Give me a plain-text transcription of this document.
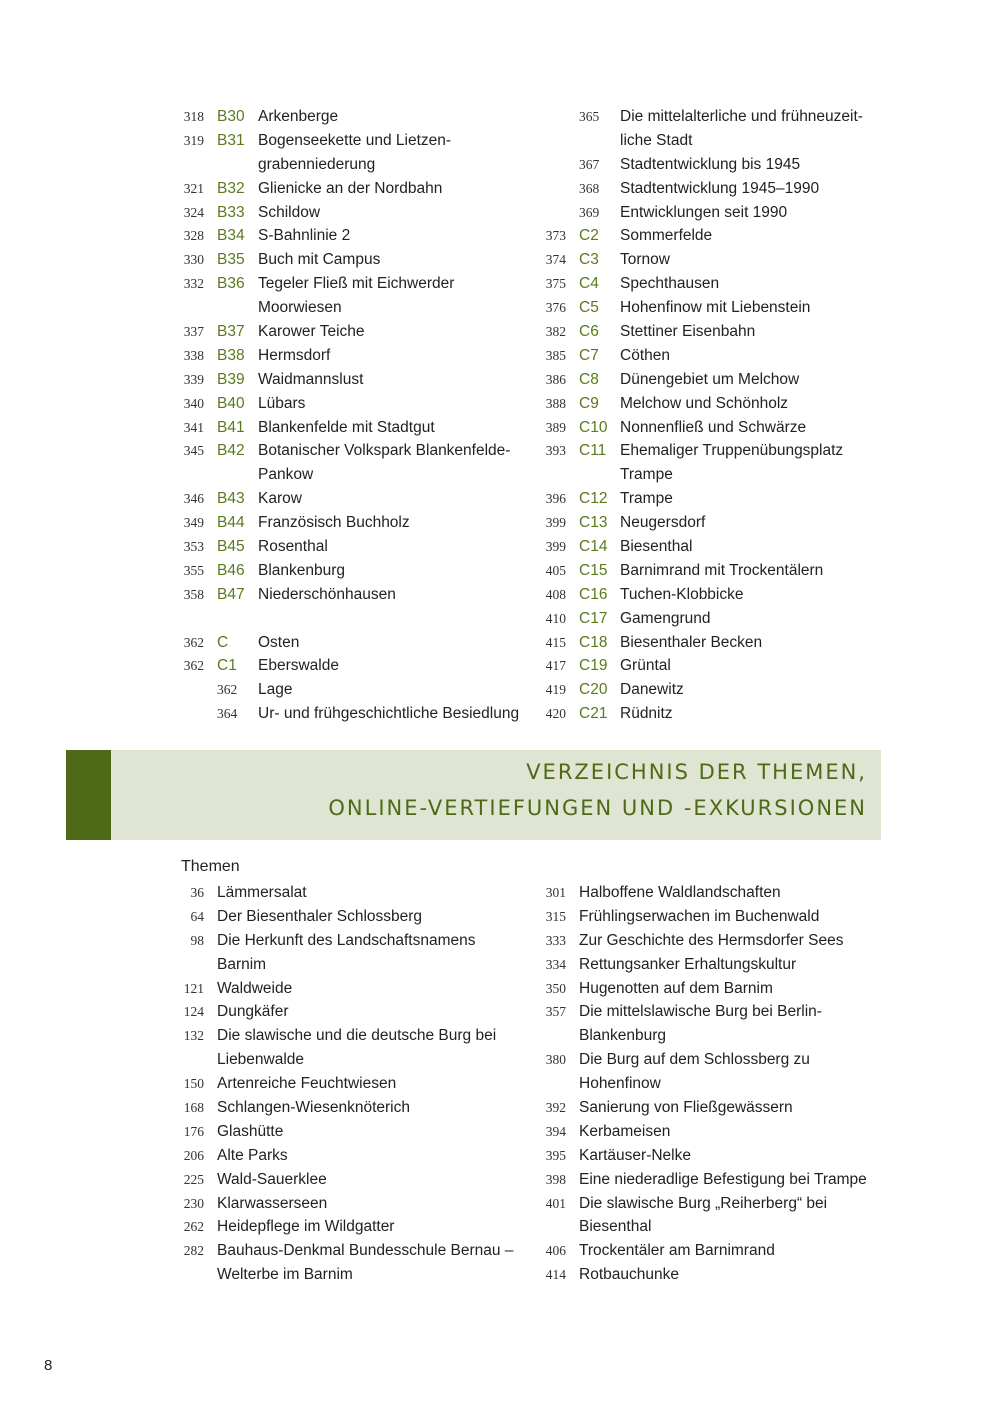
318 B30 Arkenberge
319 B31 Bogenseekette und Lietzen-
grabenniederung
321 B32 Glienicke an der Nordbahn
324 B33 Schildow
328 B34 S-Bahnlinie 2
330 B35 Buch mit Campus
332 B36 Tegeler Fließ mit Eichwerder
Moorwiesen
337 B37 Karower Teiche
338 B38 Hermsdorf
339 B39 Waidmannslust
340 B40 Lübars
341 B41 Blankenfelde mit Stadtgut
345 B42 Botanischer Volkspark Blankenfelde-
Pankow
346 B43 Karow
349 B44 Französisch Buchholz
353 B45 Rosenthal
355 B46 Blankenburg
358 B47 Niederschönhausen
362 C Osten
362 C1 Eberswalde
362	Lage
364	Ur- und frühgeschichtliche Besiedlung
365	Die mittelalterliche und frühneuzeit-
liche Stadt
367	Stadtentwicklung bis 1945
368	Stadtentwicklung 1945–1990
369	Entwicklungen seit 1990
373 C2 Sommerfelde
374 C3 Tornow
375 C4 Spechthausen
376 C5 Hohenfinow mit Liebenstein
382 C6 Stettiner Eisenbahn
385 C7 Cöthen
386 C8 Dünengebiet um Melchow
388 C9 Melchow und Schönholz
389 C10 Nonnenfließ und Schwärze
393 C11 Ehemaliger Truppenübungsplatz
Trampe
396 C12 Trampe
399 C13 Neugersdorf
399 C14 Biesenthal
405 C15 Barnimrand mit Trockentälern
408 C16 Tuchen-Klobbicke
410 C17 Gamengrund
415 C18 Biesenthaler Becken
417 C19 Grüntal
419 C20 Danewitz
420 C21 Rüdnitz
VERZEICHNIS DER THEMEN,
ONLINE-VERTIEFUNGEN UND -EXKURSIONEN
Themen
36 Lämmersalat
64 Der Biesenthaler Schlossberg
98 Die Herkunft des Landschaftsnamens
Barnim
121 Waldweide
124 Dungkäfer
132 Die slawische und die deutsche Burg bei
Liebenwalde
150 Artenreiche Feuchtwiesen
168 Schlangen-Wiesenknöterich
176 Glashütte
206 Alte Parks
225 Wald-Sauerklee
230 Klarwasserseen
262 Heidepflege im Wildgatter
282 Bauhaus-Denkmal Bundesschule Bernau –
Welterbe im Barnim
301 Halboffene Waldlandschaften
315 Frühlingserwachen im Buchenwald
333 Zur Geschichte des Hermsdorfer Sees
334 Rettungsanker Erhaltungskultur
350 Hugenotten auf dem Barnim
357 Die mittelslawische Burg bei Berlin-
Blankenburg
380 Die Burg auf dem Schlossberg zu
Hohenfinow
392 Sanierung von Fließgewässern
394 Kerbameisen
395 Kartäuser-Nelke
398 Eine niederadlige Befestigung bei Trampe
401 Die slawische Burg „Reiherberg“ bei
Biesenthal
406 Trockentäler am Barnimrand
414 Rotbauchunke
8
